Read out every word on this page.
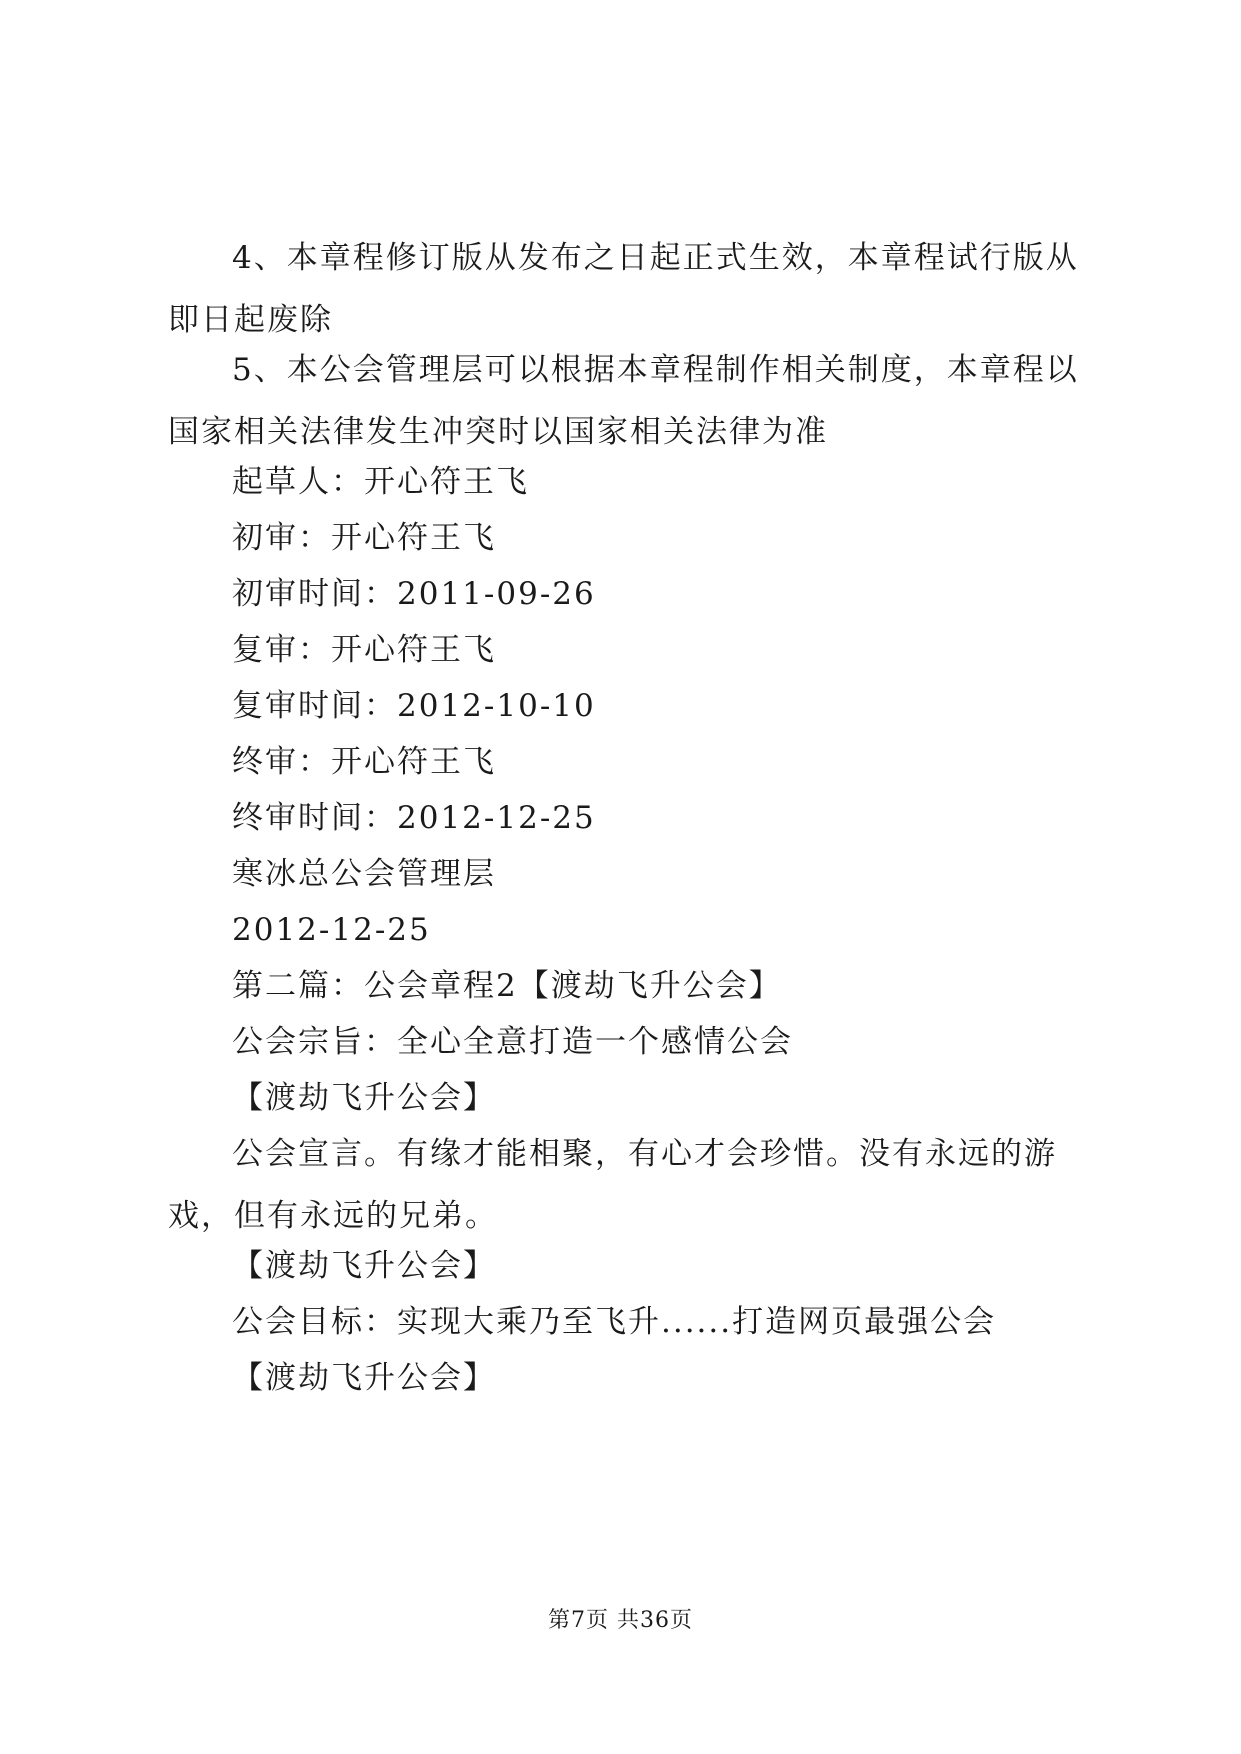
4、本章程修订版从发布之日起正式生效，本章程试行版从即日起废除

5、本公会管理层可以根据本章程制作相关制度，本章程以国家相关法律发生冲突时以国家相关法律为准

起草人：开心符王飞

初审：开心符王飞

初审时间：2011-09-26

复审：开心符王飞

复审时间：2012-10-10

终审：开心符王飞

终审时间：2012-12-25

寒冰总公会管理层

2012-12-25

第二篇：公会章程2【渡劫飞升公会】

公会宗旨：全心全意打造一个感情公会

【渡劫飞升公会】

公会宣言。有缘才能相聚，有心才会珍惜。没有永远的游戏，但有永远的兄弟。

【渡劫飞升公会】

公会目标：实现大乘乃至飞升......打造网页最强公会

【渡劫飞升公会】

第7页 共36页
